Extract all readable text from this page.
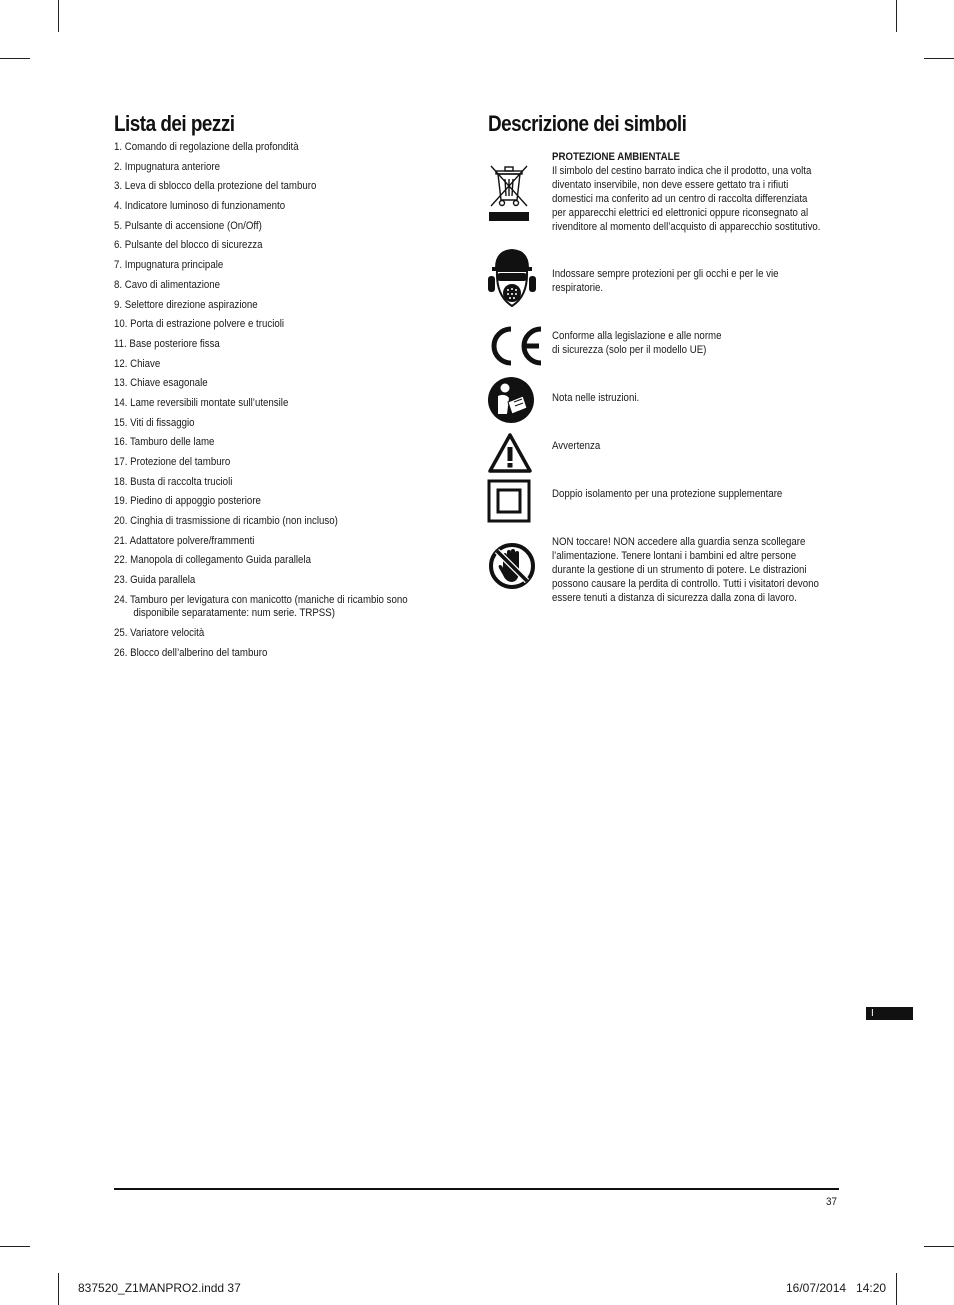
Lista dei pezzi
1. Comando di regolazione della profondità
2. Impugnatura anteriore
3. Leva di sblocco della protezione del tamburo
4. Indicatore luminoso di funzionamento
5. Pulsante di accensione (On/Off)
6. Pulsante del blocco di sicurezza
7. Impugnatura principale
8. Cavo di alimentazione
9. Selettore direzione aspirazione
10. Porta di estrazione polvere e trucioli
11. Base posteriore fissa
12. Chiave
13. Chiave esagonale
14. Lame reversibili montate sull’utensile
15. Viti di fissaggio
16. Tamburo delle lame
17. Protezione del tamburo
18. Busta di raccolta trucioli
19. Piedino di appoggio posteriore
20. Cinghia di trasmissione di ricambio (non incluso)
21. Adattatore polvere/frammenti
22. Manopola di collegamento Guida parallela
23. Guida parallela
24. Tamburo per levigatura con manicotto (maniche di ricambio sono
disponibile separatamente: num serie. TRPSS)
25. Variatore velocità
26. Blocco dell’alberino del tamburo
Descrizione dei simboli
PROTEZIONE AMBIENTALE
Il simbolo del cestino barrato indica che il prodotto, una volta
diventato inservibile, non deve essere gettato tra i rifiuti
domestici ma conferito ad un centro di raccolta differenziata
per apparecchi elettrici ed elettronici oppure riconsegnato al
rivenditore al momento dell’acquisto di apparecchio sostitutivo.
Indossare sempre protezioni per gli occhi e per le vie
respiratorie.
Conforme alla legislazione e alle norme
di sicurezza (solo per il modello UE)
Nota nelle istruzioni.
Avvertenza
Doppio isolamento per una protezione supplementare
NON toccare! NON accedere alla guardia senza scollegare
l’alimentazione. Tenere lontani i bambini ed altre persone
durante la gestione di un strumento di potere. Le distrazioni
possono causare la perdita di controllo. Tutti i visitatori devono
essere tenuti a distanza di sicurezza dalla zona di lavoro.
I
37
837520_Z1MANPRO2.indd 37	16/07/2014   14:20
